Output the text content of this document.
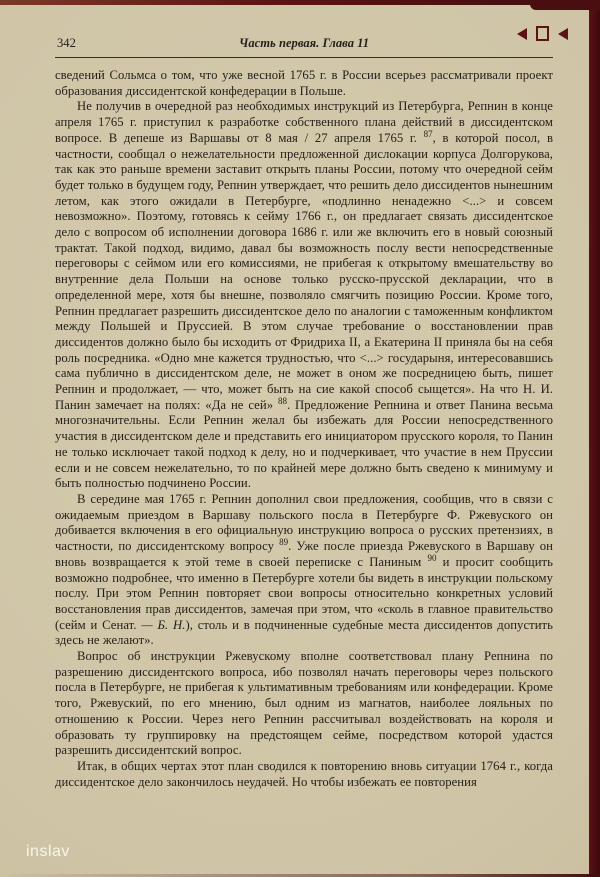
342	Часть первая. Глава 11

сведений Сольмса о том, что уже весной 1765 г. в России всерьез рассматривали проект образования диссидентской конфедерации в Польше.

Не получив в очередной раз необходимых инструкций из Петербурга, Репнин в конце апреля 1765 г. приступил к разработке собственного плана действий в диссидентском вопросе. В депеше из Варшавы от 8 мая / 27 апреля 1765 г. $^{87}$, в которой посол, в частности, сообщал о нежелательности предложенной дислокации корпуса Долгорукова, так как это раньше времени заставит открыть планы России, потому что очередной сейм будет только в будущем году, Репнин утверждает, что решить дело диссидентов нынешним летом, как этого ожидали в Петербурге, «подлинно ненадежно <...> и совсем невозможно». Поэтому, готовясь к сейму 1766 г., он предлагает связать диссидентское дело с вопросом об исполнении договора 1686 г. или же включить его в новый союзный трактат. Такой подход, видимо, давал бы возможность послу вести непосредственные переговоры с сеймом или его комиссиями, не прибегая к открытому вмешательству во внутренние дела Польши на основе только русско-прусской декларации, что в определенной мере, хотя бы внешне, позволяло смягчить позицию России. Кроме того, Репнин предлагает разрешить диссидентское дело по аналогии с таможенным конфликтом между Польшей и Пруссией. В этом случае требование о восстановлении прав диссидентов должно было бы исходить от Фридриха II, а Екатерина II приняла бы на себя роль посредника. «Одно мне кажется трудностью, что <...> государыня, интересовавшись сама публично в диссидентском деле, не может в оном же посредницею быть, пишет Репнин и продолжает, — что, может быть на сие какой способ сыщется». На что Н. И. Панин замечает на полях: «Да не сей» $^{88}$. Предложение Репнина и ответ Панина весьма многозначительны. Если Репнин желал бы избежать для России непосредственного участия в диссидентском деле и представить его инициатором прусского короля, то Панин не только исключает такой подход к делу, но и подчеркивает, что участие в нем Пруссии если и не совсем нежелательно, то по крайней мере должно быть сведено к минимуму и быть полностью подчинено России.

В середине мая 1765 г. Репнин дополнил свои предложения, сообщив, что в связи с ожидаемым приездом в Варшаву польского посла в Петербурге Ф. Ржевуского он добивается включения в его официальную инструкцию вопроса о русских претензиях, в частности, по диссидентскому вопросу $^{89}$. Уже после приезда Ржевуского в Варшаву он вновь возвращается к этой теме в своей переписке с Паниным $^{90}$ и просит сообщить возможно подробнее, что именно в Петербурге хотели бы видеть в инструкции польскому послу. При этом Репнин повторяет свои вопросы относительно конкретных условий восстановления прав диссидентов, замечая при этом, что «сколь в главное правительство (сейм и Сенат. — Б. Н.), столь и в подчиненные судебные места диссидентов допустить здесь не желают».

Вопрос об инструкции Ржевускому вполне соответствовал плану Репнина по разрешению диссидентского вопроса, ибо позволял начать переговоры через польского посла в Петербурге, не прибегая к ультимативным требованиям или конфедерации. Кроме того, Ржевуский, по его мнению, был одним из магнатов, наиболее лояльных по отношению к России. Через него Репнин рассчитывал воздействовать на короля и образовать ту группировку на предстоящем сейме, посредством которой удастся разрешить диссидентский вопрос.

Итак, в общих чертах этот план сводился к повторению вновь ситуации 1764 г., когда диссидентское дело закончилось неудачей. Но чтобы избежать ее повторения

inslav
